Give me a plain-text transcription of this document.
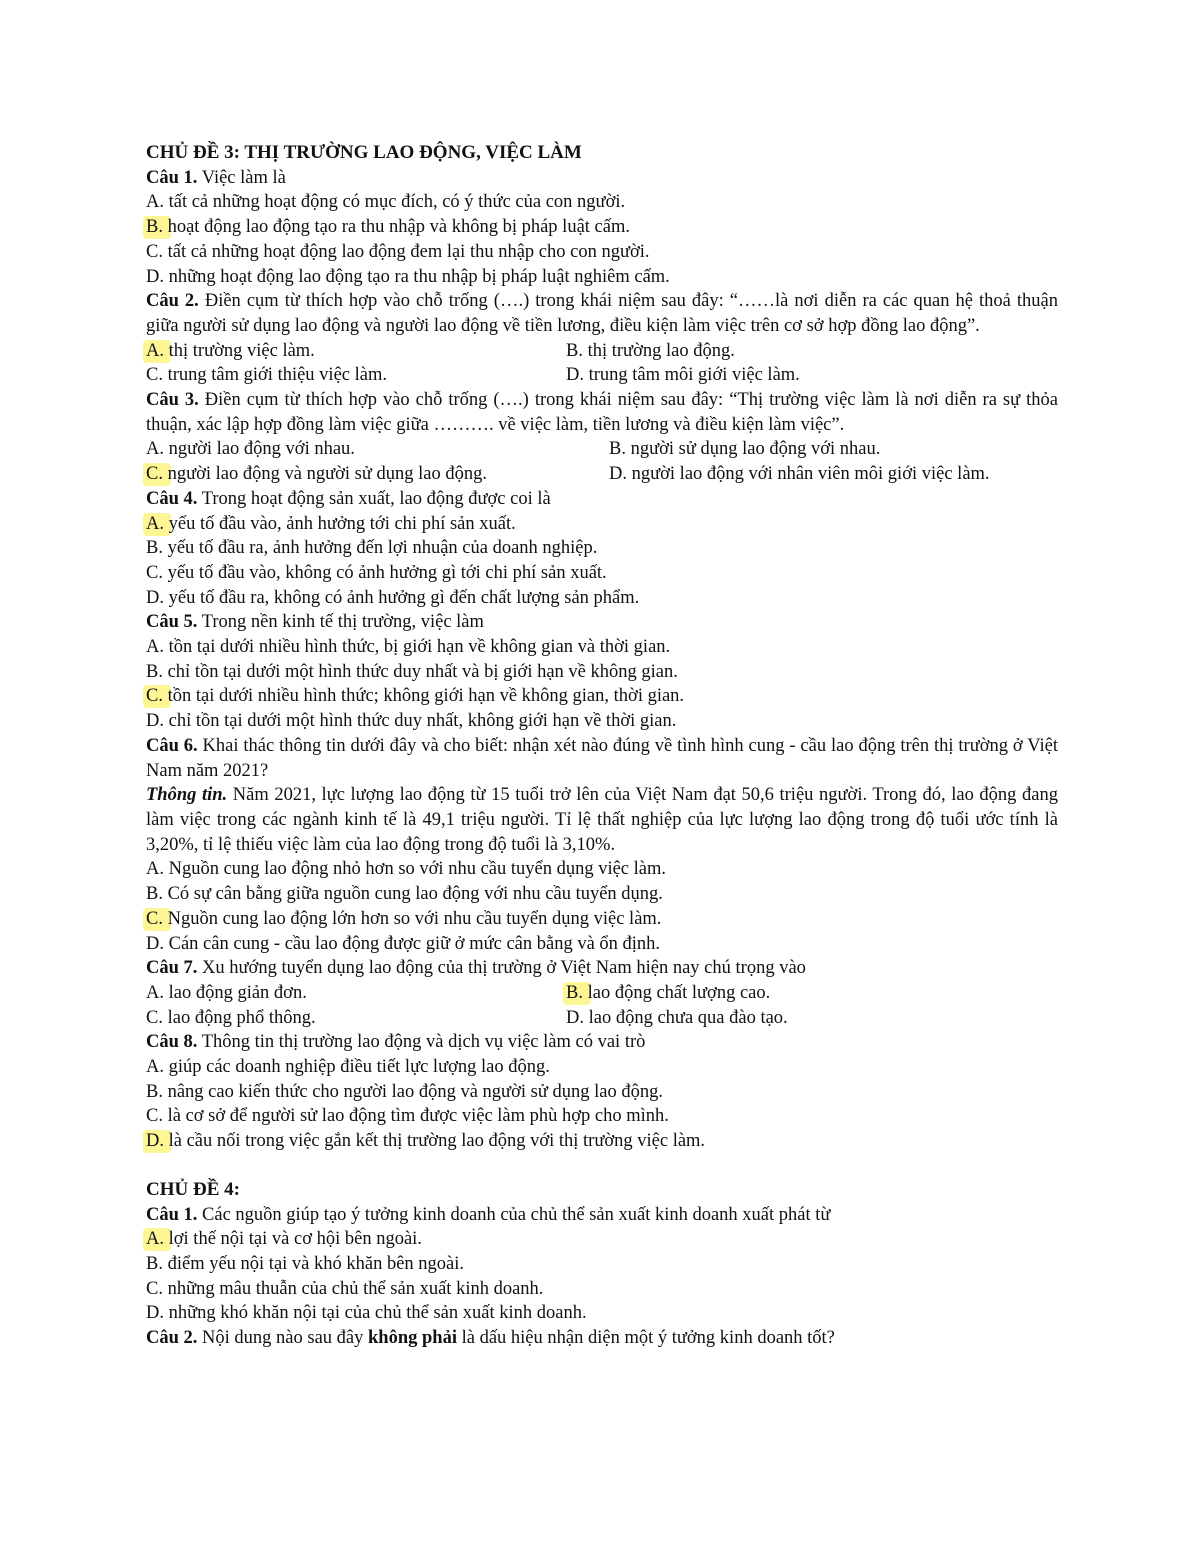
CHỦ ĐỀ 3: THỊ TRƯỜNG LAO ĐỘNG, VIỆC LÀM
Câu 1. Việc làm là
A. tất cả những hoạt động có mục đích, có ý thức của con người.
B. hoạt động lao động tạo ra thu nhập và không bị pháp luật cấm.
C. tất cả những hoạt động lao động đem lại thu nhập cho con người.
D. những hoạt động lao động tạo ra thu nhập bị pháp luật nghiêm cấm.
Câu 2. Điền cụm từ thích hợp vào chỗ trống (….) trong khái niệm sau đây: “……là nơi diễn ra các quan hệ thoả thuận giữa người sử dụng lao động và người lao động về tiền lương, điều kiện làm việc trên cơ sở hợp đồng lao động”.
A. thị trường việc làm.	B. thị trường lao động.
C. trung tâm giới thiệu việc làm.	D. trung tâm môi giới việc làm.
Câu 3. Điền cụm từ thích hợp vào chỗ trống (….) trong khái niệm sau đây: “Thị trường việc làm là nơi diễn ra sự thỏa thuận, xác lập hợp đồng làm việc giữa ………. về việc làm, tiền lương và điều kiện làm việc”.
A. người lao động với nhau.	B. người sử dụng lao động với nhau.
C. người lao động và người sử dụng lao động.	D. người lao động với nhân viên môi giới việc làm.
Câu 4. Trong hoạt động sản xuất, lao động được coi là
A. yếu tố đầu vào, ảnh hưởng tới chi phí sản xuất.
B. yếu tố đầu ra, ảnh hưởng đến lợi nhuận của doanh nghiệp.
C. yếu tố đầu vào, không có ảnh hưởng gì tới chi phí sản xuất.
D. yếu tố đầu ra, không có ảnh hưởng gì đến chất lượng sản phẩm.
Câu 5. Trong nền kinh tế thị trường, việc làm
A. tồn tại dưới nhiều hình thức, bị giới hạn về không gian và thời gian.
B. chỉ tồn tại dưới một hình thức duy nhất và bị giới hạn về không gian.
C. tồn tại dưới nhiều hình thức; không giới hạn về không gian, thời gian.
D. chỉ tồn tại dưới một hình thức duy nhất, không giới hạn về thời gian.
Câu 6. Khai thác thông tin dưới đây và cho biết: nhận xét nào đúng về tình hình cung - cầu lao động trên thị trường ở Việt Nam năm 2021?
Thông tin. Năm 2021, lực lượng lao động từ 15 tuổi trở lên của Việt Nam đạt 50,6 triệu người. Trong đó, lao động đang làm việc trong các ngành kinh tế là 49,1 triệu người. Tỉ lệ thất nghiệp của lực lượng lao động trong độ tuổi ước tính là 3,20%, tỉ lệ thiếu việc làm của lao động trong độ tuổi là 3,10%.
A. Nguồn cung lao động nhỏ hơn so với nhu cầu tuyển dụng việc làm.
B. Có sự cân bằng giữa nguồn cung lao động với nhu cầu tuyển dụng.
C. Nguồn cung lao động lớn hơn so với nhu cầu tuyển dụng việc làm.
D. Cán cân cung - cầu lao động được giữ ở mức cân bằng và ổn định.
Câu 7. Xu hướng tuyển dụng lao động của thị trường ở Việt Nam hiện nay chú trọng vào
A. lao động giản đơn.	B. lao động chất lượng cao.
C. lao động phổ thông.	D. lao động chưa qua đào tạo.
Câu 8. Thông tin thị trường lao động và dịch vụ việc làm có vai trò
A. giúp các doanh nghiệp điều tiết lực lượng lao động.
B. nâng cao kiến thức cho người lao động và người sử dụng lao động.
C. là cơ sở để người sử lao động tìm được việc làm phù hợp cho mình.
D. là cầu nối trong việc gắn kết thị trường lao động với thị trường việc làm.
CHỦ ĐỀ 4:
Câu 1. Các nguồn giúp tạo ý tưởng kinh doanh của chủ thể sản xuất kinh doanh xuất phát từ
A. lợi thế nội tại và cơ hội bên ngoài.
B. điểm yếu nội tại và khó khăn bên ngoài.
C. những mâu thuẫn của chủ thể sản xuất kinh doanh.
D. những khó khăn nội tại của chủ thể sản xuất kinh doanh.
Câu 2. Nội dung nào sau đây không phải là dấu hiệu nhận diện một ý tưởng kinh doanh tốt?
